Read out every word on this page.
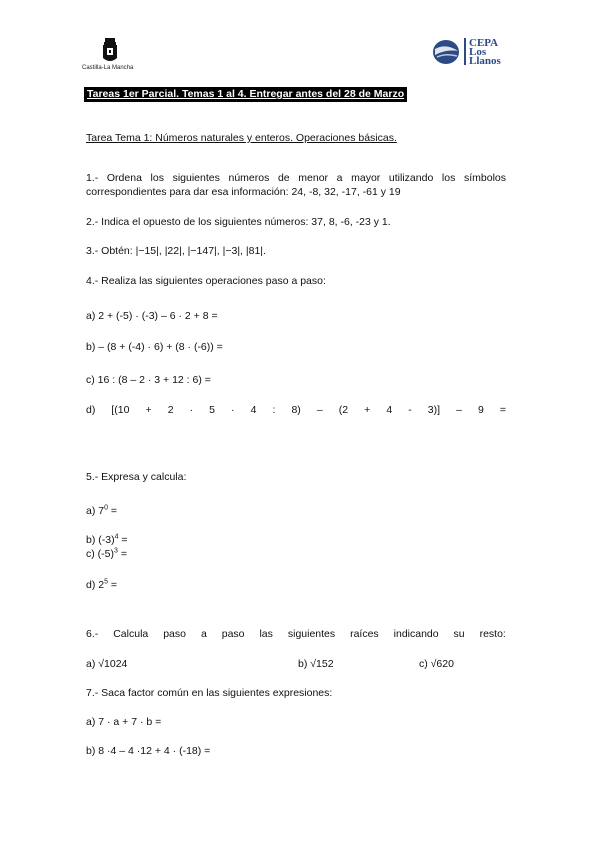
Castilla-La Mancha
CEPA
Los
Llanos
Tareas 1er Parcial. Temas 1 al 4. Entregar antes del 28 de Marzo
Tarea Tema 1: Números naturales y enteros. Operaciones básicas.
1.- Ordena los siguientes números de menor a mayor utilizando los símbolos
correspondientes para dar esa información: 24, -8, 32, -17, -61 y 19
2.- Indica el opuesto de los siguientes números: 37, 8, -6, -23 y 1.
3.- Obtén: |−15|, |22|, |−147|, |−3|, |81|.
4.- Realiza las siguientes operaciones paso a paso:
a) 2 + (-5) · (-3) – 6 · 2 + 8 =
b) – (8 + (-4) · 6) + (8 · (-6)) =
c) 16 : (8 – 2 · 3 + 12 : 6) =
d) [(10 + 2 · 5 · 4 : 8) – (2 + 4 - 3)] – 9 =
5.- Expresa y calcula:
a) $7^0$ =
b) $(-3)^4$ =
c) $(-5)^3$ =
d) $2^5$ =
6.- Calcula paso a paso las siguientes raíces indicando su resto:
a) √1024	b) √152	c) √620
7.- Saca factor común en las siguientes expresiones:
a) 7 · a + 7 · b =
b) 8 ·4 – 4 ·12 + 4 · (-18) =
